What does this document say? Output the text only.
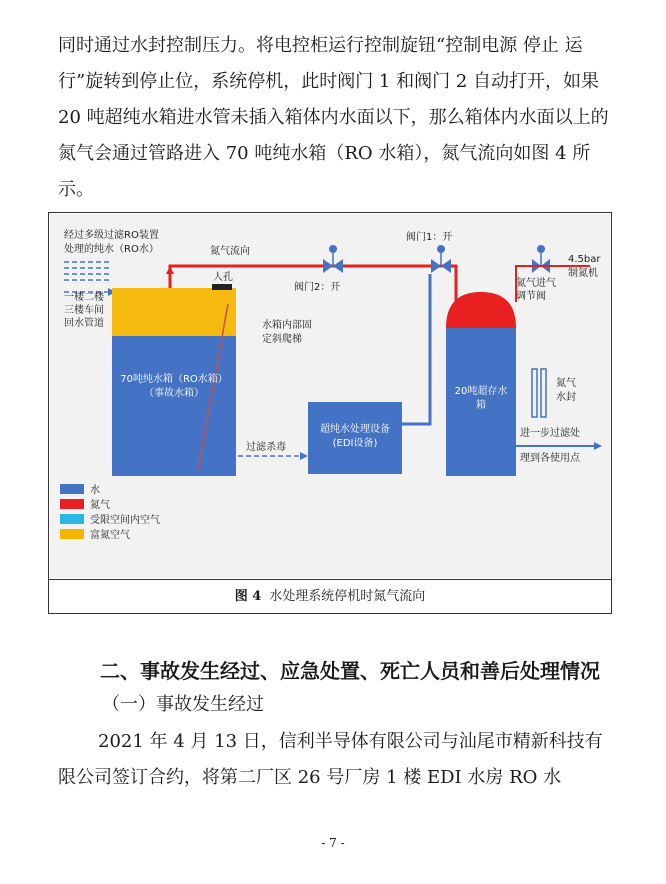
同时通过水封控制压力。将电控柜运行控制旋钮“控制电源 停止 运行”旋转到停止位，系统停机，此时阀门 1 和阀门 2 自动打开，如果 20 吨超纯水箱进水管未插入箱体内水面以下，那么箱体内水面以上的氮气会通过管路进入 70 吨纯水箱（RO 水箱），氮气流向如图 4 所示。

经过多级过滤RO装置
处理的纯水（RO水）	氮气流向
阀门1：开
阀门2：开
一楼二楼
三楼车间
回水管道
人孔
水箱内部固
定斜爬梯
70吨纯水箱（RO水箱）
（事故水箱）
超纯水处理设备
(EDI设备)
过滤杀毒
20吨超存水
箱
氮气进气
调节阀
4.5bar
制氮机
氮气
水封
进一步过滤处
理到各使用点
水
氮气
受限空间内空气
富氮空气
图 4 水处理系统停机时氮气流向

二、事故发生经过、应急处置、死亡人员和善后处理情况

（一）事故发生经过

2021 年 4 月 13 日，信利半导体有限公司与汕尾市精新科技有限公司签订合约，将第二厂区 26 号厂房 1 楼 EDI 水房 RO 水

- 7 -
